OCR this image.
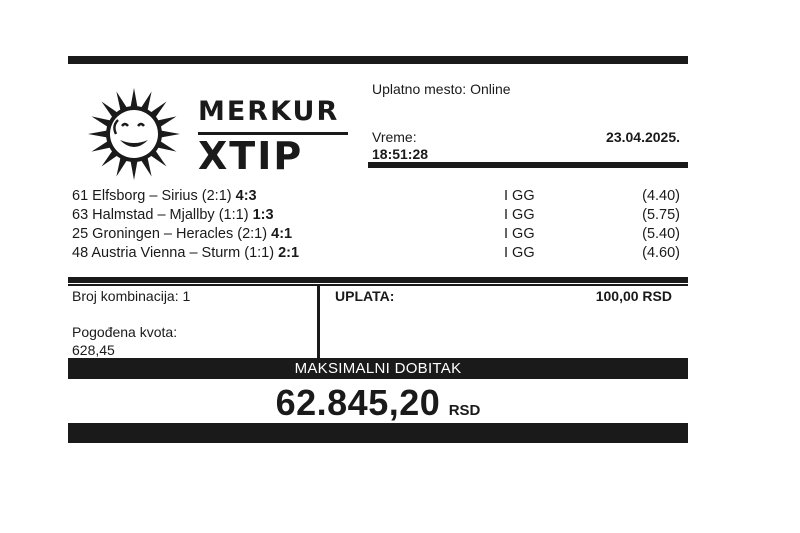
MERKUR
XTIP
Uplatno mesto: Online
Vreme:
18:51:28
23.04.2025.
61 Elfsborg – Sirius (2:1) 4:3	I GG	(4.40)
63 Halmstad – Mjallby (1:1) 1:3	I GG	(5.75)
25 Groningen – Heracles (2:1) 4:1	I GG	(5.40)
48 Austria Vienna – Sturm (1:1) 2:1	I GG	(4.60)
Broj kombinacija: 1
Pogođena kvota:
628,45
UPLATA:	100,00 RSD
MAKSIMALNI DOBITAK
62.845,20 RSD
